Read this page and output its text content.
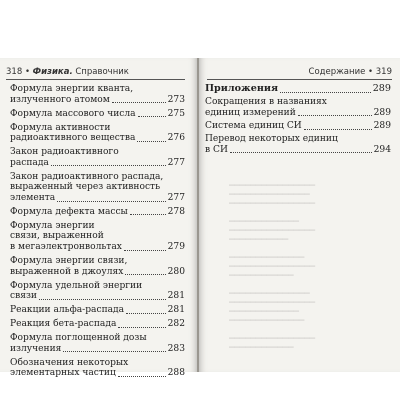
318 • Физика. Справочник
Формула энергии кванта,
излученного атомом	273
Формула массового числа	275
Формула активности
радиоактивного вещества	276
Закон радиоактивного
распада	277
Закон радиоактивного распада,
выраженный через активность
элемента	277
Формула дефекта массы	278
Формула энергии
связи, выраженной
в мегаэлектронвольтах	279
Формула энергии связи,
выраженной в джоулях	280
Формула удельной энергии
связи	281
Реакции альфа-распада	281
Реакция бета-распада	282
Формула поглощенной дозы
излучения	283
Обозначения некоторых
элементарных частиц	288
Содержание • 319
Приложения	289
Сокращения в названиях
единиц измерений	289
Система единиц СИ	289
Перевод некоторых единиц
в СИ	294
▁▁▁▁▁▁▁▁▁▁▁▁▁▁▁▁
▁▁▁▁▁▁▁▁▁▁▁▁▁▁▁
▁▁▁▁▁▁▁▁▁▁▁▁▁▁▁▁

▁▁▁▁▁▁▁▁▁▁▁▁▁
▁▁▁▁▁▁▁▁▁▁▁▁▁▁▁▁
▁▁▁▁▁▁▁▁▁▁▁

▁▁▁▁▁▁▁▁▁▁▁▁▁▁
▁▁▁▁▁▁▁▁▁▁▁▁▁▁▁▁
▁▁▁▁▁▁▁▁▁▁▁▁

▁▁▁▁▁▁▁▁▁▁▁▁▁▁▁
▁▁▁▁▁▁▁▁▁▁▁▁▁▁▁▁
▁▁▁▁▁▁▁▁▁▁▁▁▁
▁▁▁▁▁▁▁▁▁▁▁▁▁▁

▁▁▁▁▁▁▁▁▁▁▁▁▁▁▁▁
▁▁▁▁▁▁▁▁▁▁▁▁
